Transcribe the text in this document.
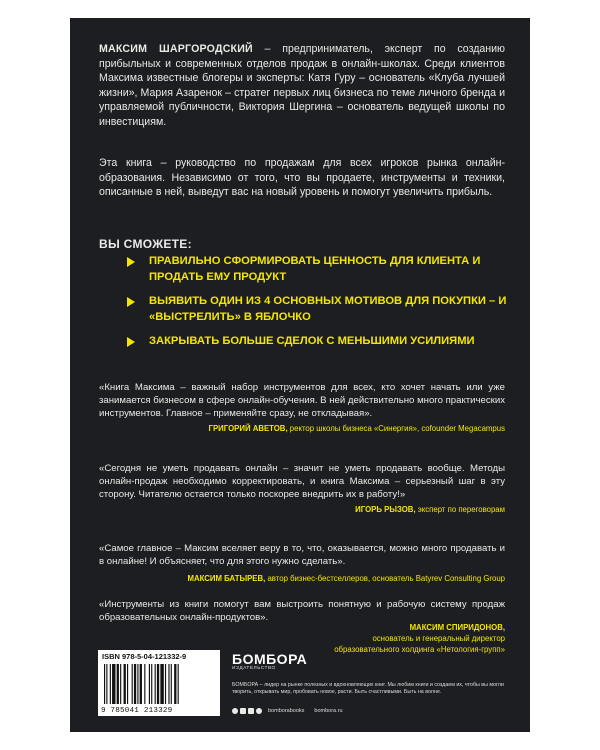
МАКСИМ ШАРГОРОДСКИЙ – предприниматель, эксперт по созданию прибыльных и современных отделов продаж в онлайн-школах. Среди клиентов Максима известные блогеры и эксперты: Катя Гуру – основатель «Клуба лучшей жизни», Мария Азаренок – стратег первых лиц бизнеса по теме личного бренда и управляемой публичности, Виктория Шергина – основатель ведущей школы по инвестициям.
Эта книга – руководство по продажам для всех игроков рынка онлайн-образования. Независимо от того, что вы продаете, инструменты и техники, описанные в ней, выведут вас на новый уровень и помогут увеличить прибыль.
ВЫ СМОЖЕТЕ:
ПРАВИЛЬНО СФОРМИРОВАТЬ ЦЕННОСТЬ ДЛЯ КЛИЕНТА И ПРОДАТЬ ЕМУ ПРОДУКТ
ВЫЯВИТЬ ОДИН ИЗ 4 ОСНОВНЫХ МОТИВОВ ДЛЯ ПОКУПКИ – И «ВЫСТРЕЛИТЬ» В ЯБЛОЧКО
ЗАКРЫВАТЬ БОЛЬШЕ СДЕЛОК С МЕНЬШИМИ УСИЛИЯМИ
«Книга Максима – важный набор инструментов для всех, кто хочет начать или уже занимается бизнесом в сфере онлайн-обучения. В ней действительно много практических инструментов. Главное – применяйте сразу, не откладывая».
ГРИГОРИЙ АВЕТОВ, ректор школы бизнеса «Синергия», cofounder Megacampus
«Сегодня не уметь продавать онлайн – значит не уметь продавать вообще. Методы онлайн-продаж необходимо корректировать, и книга Максима – серьезный шаг в эту сторону. Читателю остается только поскорее внедрить их в работу!»
ИГОРЬ РЫЗОВ, эксперт по переговорам
«Самое главное – Максим вселяет веру в то, что, оказывается, можно много продавать и в онлайне! И объясняет, что для этого нужно сделать».
МАКСИМ БАТЫРЕВ, автор бизнес-бестселлеров, основатель Batyrev Consulting Group
«Инструменты из книги помогут вам выстроить понятную и рабочую систему продаж образовательных онлайн-продуктов».
МАКСИМ СПИРИДОНОВ,
основатель и генеральный директор
образовательного холдинга «Нетология-групп»
ISBN 978-5-04-121332-9
9 785041 213329
БОМБОРА
ИЗДАТЕЛЬСТВО
БОМБОРА – лидер на рынке полезных и вдохновляющих книг. Мы любим книги и создаем их, чтобы вы могли творить, открывать мир, пробовать новое, расти. Быть счастливыми. Быть на волне.
bomborabooks bombora.ru
